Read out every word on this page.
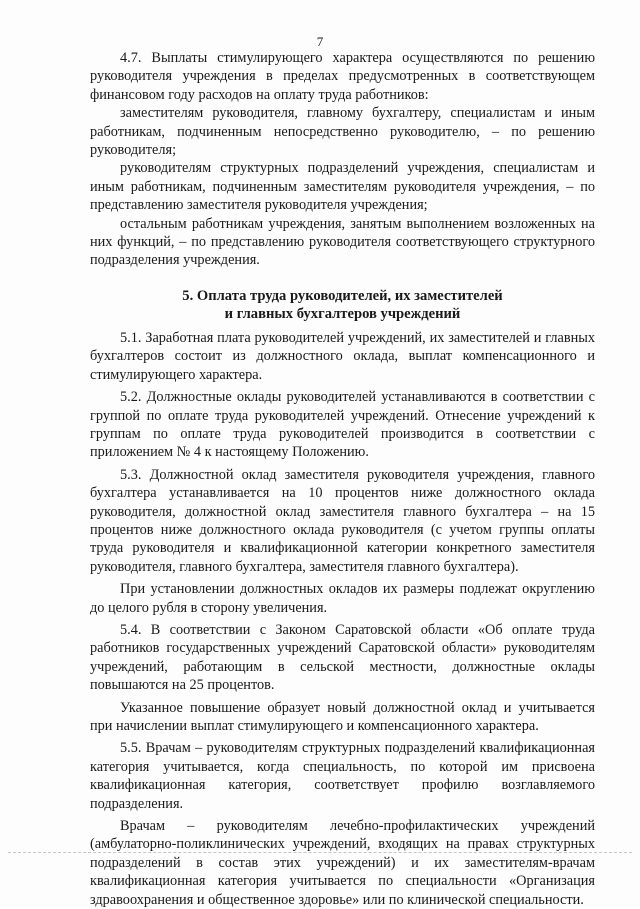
7

4.7. Выплаты стимулирующего характера осуществляются по решению руководителя учреждения в пределах предусмотренных в соответствующем финансовом году расходов на оплату труда работников:

заместителям руководителя, главному бухгалтеру, специалистам и иным работникам, подчиненным непосредственно руководителю, – по решению руководителя;

руководителям структурных подразделений учреждения, специалистам и иным работникам, подчиненным заместителям руководителя учреждения, – по представлению заместителя руководителя учреждения;

остальным работникам учреждения, занятым выполнением возложенных на них функций, – по представлению руководителя соответствующего структурного подразделения учреждения.

5. Оплата труда руководителей, их заместителей
и главных бухгалтеров учреждений

5.1. Заработная плата руководителей учреждений, их заместителей и главных бухгалтеров состоит из должностного оклада, выплат компенсационного и стимулирующего характера.

5.2. Должностные оклады руководителей устанавливаются в соответствии с группой по оплате труда руководителей учреждений. Отнесение учреждений к группам по оплате труда руководителей производится в соответствии с приложением № 4 к настоящему Положению.

5.3. Должностной оклад заместителя руководителя учреждения, главного бухгалтера устанавливается на 10 процентов ниже должностного оклада руководителя, должностной оклад заместителя главного бухгалтера – на 15 процентов ниже должностного оклада руководителя (с учетом группы оплаты труда руководителя и квалификационной категории конкретного заместителя руководителя, главного бухгалтера, заместителя главного бухгалтера).

При установлении должностных окладов их размеры подлежат округлению до целого рубля в сторону увеличения.

5.4. В соответствии с Законом Саратовской области «Об оплате труда работников государственных учреждений Саратовской области» руководителям учреждений, работающим в сельской местности, должностные оклады повышаются на 25 процентов.

Указанное повышение образует новый должностной оклад и учитывается при начислении выплат стимулирующего и компенсационного характера.

5.5. Врачам – руководителям структурных подразделений квалификационная категория учитывается, когда специальность, по которой им присвоена квалификационная категория, соответствует профилю возглавляемого подразделения.

Врачам – руководителям лечебно-профилактических учреждений (амбулаторно-поликлинических учреждений, входящих на правах структурных подразделений в состав этих учреждений) и их заместителям-врачам квалификационная категория учитывается по специальности «Организация здравоохранения и общественное здоровье» или по клинической специальности.
